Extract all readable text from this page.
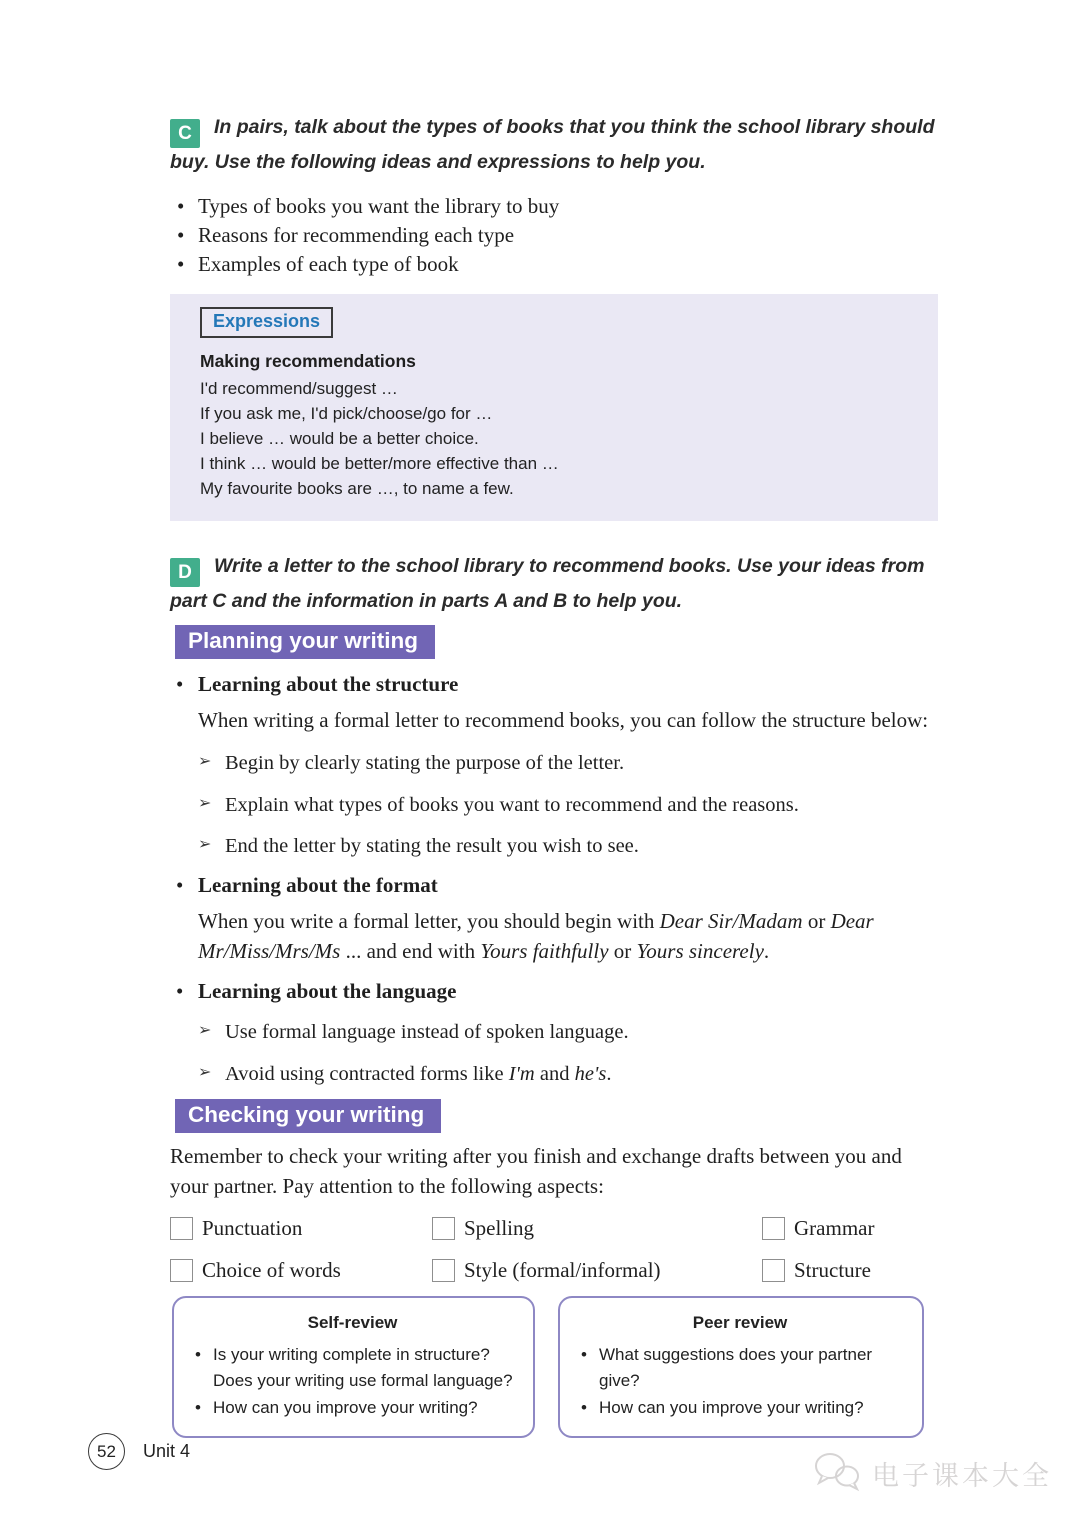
C In pairs, talk about the types of books that you think the school library should buy. Use the following ideas and expressions to help you.
• Types of books you want the library to buy
• Reasons for recommending each type
• Examples of each type of book
Expressions
Making recommendations
I'd recommend/suggest …
If you ask me, I'd pick/choose/go for …
I believe … would be a better choice.
I think … would be better/more effective than …
My favourite books are …, to name a few.
D Write a letter to the school library to recommend books. Use your ideas from part C and the information in parts A and B to help you.
Planning your writing
• Learning about the structure
When writing a formal letter to recommend books, you can follow the structure below:
➢ Begin by clearly stating the purpose of the letter.
➢ Explain what types of books you want to recommend and the reasons.
➢ End the letter by stating the result you wish to see.
• Learning about the format
When you write a formal letter, you should begin with Dear Sir/Madam or Dear Mr/Miss/Mrs/Ms ... and end with Yours faithfully or Yours sincerely.
• Learning about the language
➢ Use formal language instead of spoken language.
➢ Avoid using contracted forms like I'm and he's.
Checking your writing
Remember to check your writing after you finish and exchange drafts between you and your partner. Pay attention to the following aspects:
Punctuation	Spelling	Grammar
Choice of words	Style (formal/informal)	Structure
Self-review
• Is your writing complete in structure?
Does your writing use formal language?
• How can you improve your writing?
Peer review
• What suggestions does your partner give?
• How can you improve your writing?
52	Unit 4
电子课本大全
